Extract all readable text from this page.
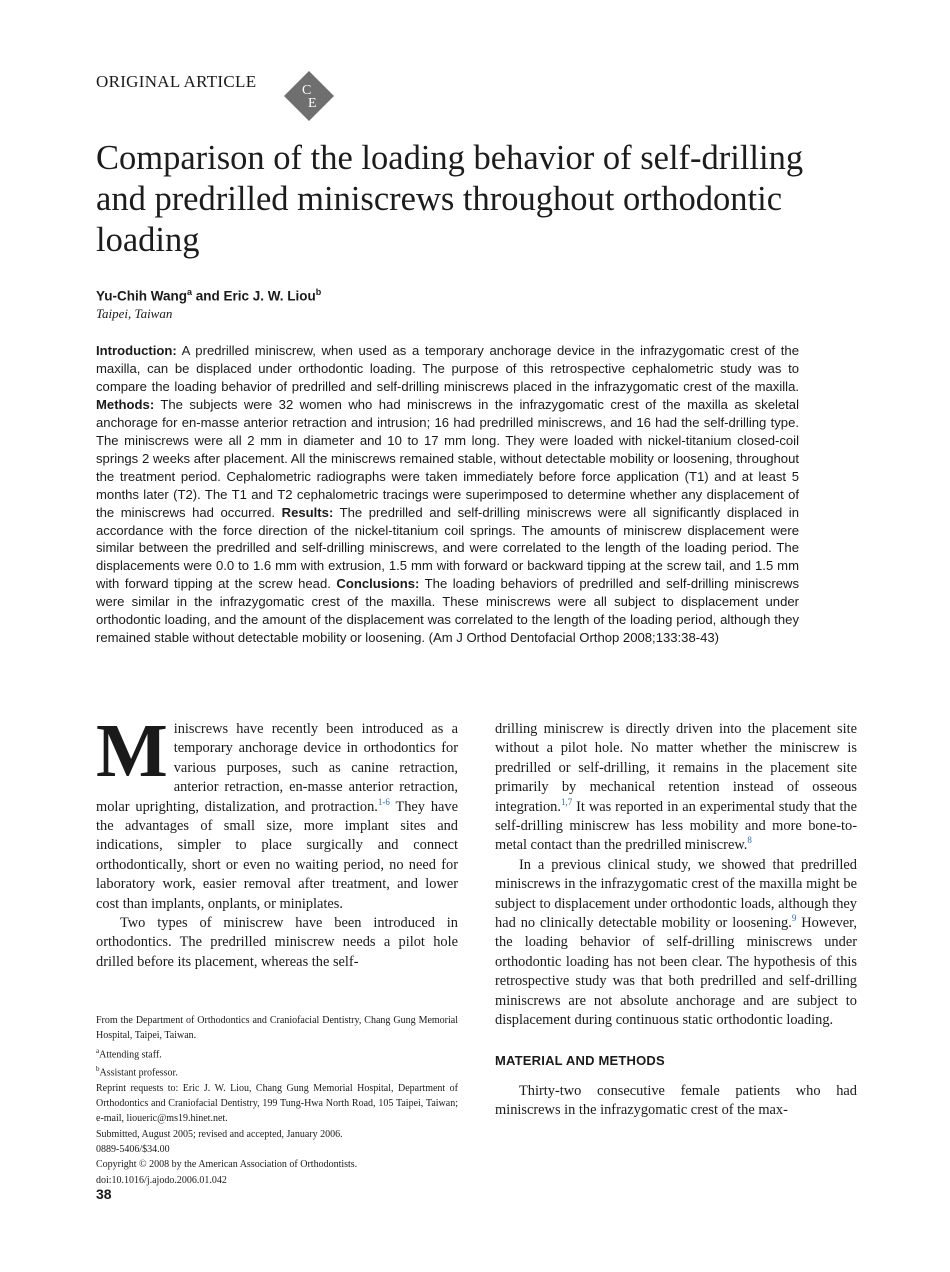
ORIGINAL ARTICLE	C
E
Comparison of the loading behavior of self-drilling and predrilled miniscrews throughout orthodontic loading
Yu-Chih Wang$^a$ and Eric J. W. Liou$^b$
Taipei, Taiwan

Introduction: A predrilled miniscrew, when used as a temporary anchorage device in the infrazygomatic crest of the maxilla, can be displaced under orthodontic loading. The purpose of this retrospective cephalometric study was to compare the loading behavior of predrilled and self-drilling miniscrews placed in the infrazygomatic crest of the maxilla. Methods: The subjects were 32 women who had miniscrews in the infrazygomatic crest of the maxilla as skeletal anchorage for en-masse anterior retraction and intrusion; 16 had predrilled miniscrews, and 16 had the self-drilling type. The miniscrews were all 2 mm in diameter and 10 to 17 mm long. They were loaded with nickel-titanium closed-coil springs 2 weeks after placement. All the miniscrews remained stable, without detectable mobility or loosening, throughout the treatment period. Cephalometric radiographs were taken immediately before force application (T1) and at least 5 months later (T2). The T1 and T2 cephalometric tracings were superimposed to determine whether any displacement of the miniscrews had occurred. Results: The predrilled and self-drilling miniscrews were all significantly displaced in accordance with the force direction of the nickel-titanium coil springs. The amounts of miniscrew displacement were similar between the predrilled and self-drilling miniscrews, and were correlated to the length of the loading period. The displacements were 0.0 to 1.6 mm with extrusion, 1.5 mm with forward or backward tipping at the screw tail, and 1.5 mm with forward tipping at the screw head. Conclusions: The loading behaviors of predrilled and self-drilling miniscrews were similar in the infrazygomatic crest of the maxilla. These miniscrews were all subject to displacement under orthodontic loading, and the amount of the displacement was correlated to the length of the loading period, although they remained stable without detectable mobility or loosening. (Am J Orthod Dentofacial Orthop 2008;133:38-43)

Miniscrews have recently been introduced as a temporary anchorage device in orthodontics for various purposes, such as canine retraction, anterior retraction, en-masse anterior retraction, molar uprighting, distalization, and protraction.$^{1-6}$ They have the advantages of small size, more implant sites and indications, simpler to place surgically and connect orthodontically, short or even no waiting period, no need for laboratory work, easier removal after treatment, and lower cost than implants, onplants, or miniplates.

Two types of miniscrew have been introduced in orthodontics. The predrilled miniscrew needs a pilot hole drilled before its placement, whereas the self-

drilling miniscrew is directly driven into the placement site without a pilot hole. No matter whether the miniscrew is predrilled or self-drilling, it remains in the placement site primarily by mechanical retention instead of osseous integration.$^{1,7}$ It was reported in an experimental study that the self-drilling miniscrew has less mobility and more bone-to-metal contact than the predrilled miniscrew.$^8$

In a previous clinical study, we showed that predrilled miniscrews in the infrazygomatic crest of the maxilla might be subject to displacement under orthodontic loads, although they had no clinically detectable mobility or loosening.$^9$ However, the loading behavior of self-drilling miniscrews under orthodontic loading has not been clear. The hypothesis of this retrospective study was that both predrilled and self-drilling miniscrews are not absolute anchorage and are subject to displacement during continuous static orthodontic loading.

MATERIAL AND METHODS

Thirty-two consecutive female patients who had miniscrews in the infrazygomatic crest of the max-

From the Department of Orthodontics and Craniofacial Dentistry, Chang Gung Memorial Hospital, Taipei, Taiwan.
$^a$Attending staff.
$^b$Assistant professor.
Reprint requests to: Eric J. W. Liou, Chang Gung Memorial Hospital, Department of Orthodontics and Craniofacial Dentistry, 199 Tung-Hwa North Road, 105 Taipei, Taiwan; e-mail, lioueric@ms19.hinet.net.
Submitted, August 2005; revised and accepted, January 2006.
0889-5406/$34.00
Copyright © 2008 by the American Association of Orthodontists.
doi:10.1016/j.ajodo.2006.01.042
38
